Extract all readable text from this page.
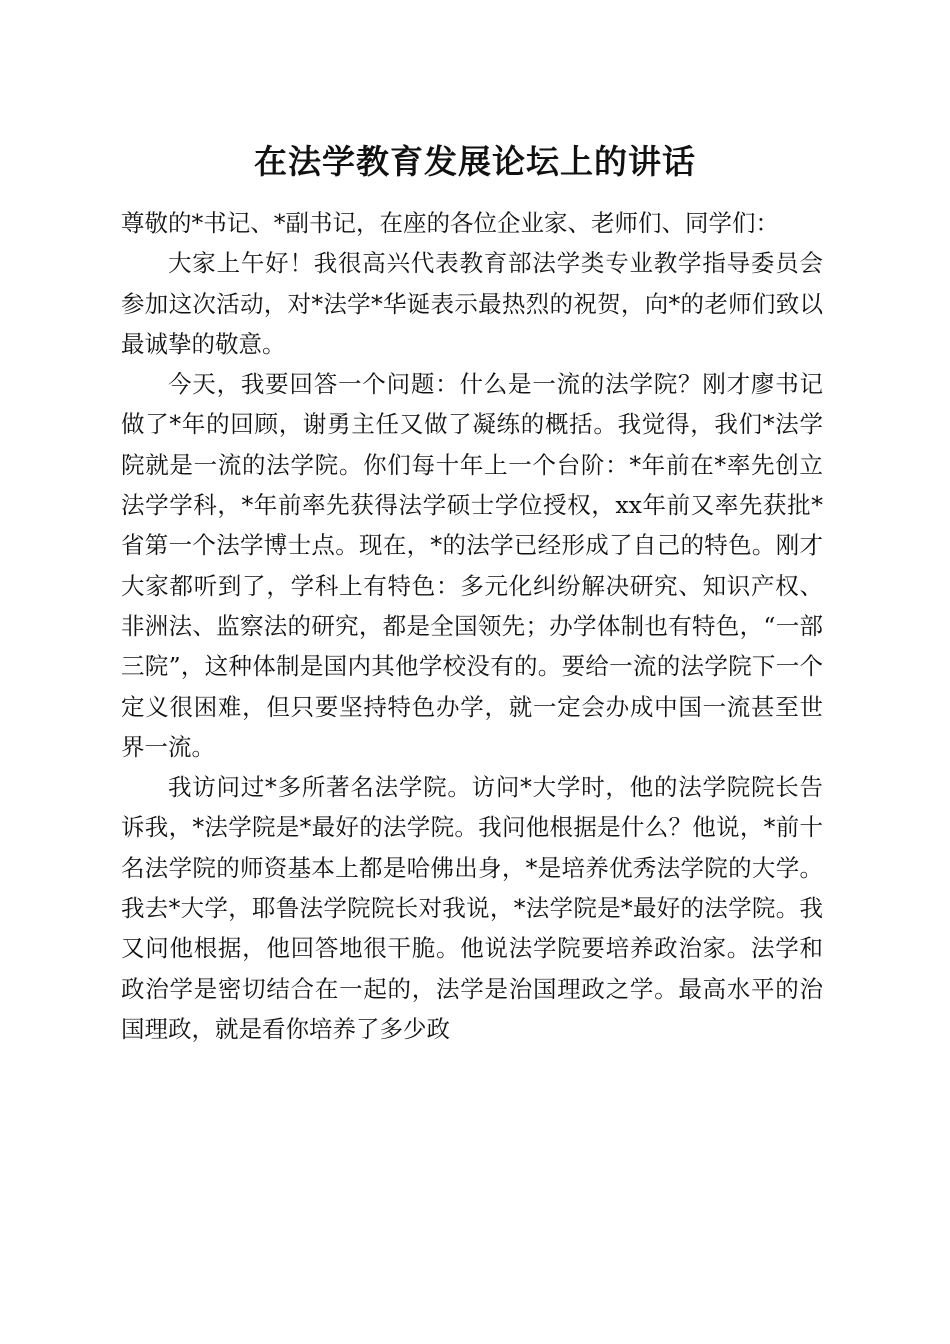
在法学教育发展论坛上的讲话

尊敬的*书记、*副书记，在座的各位企业家、老师们、同学们：

大家上午好！我很高兴代表教育部法学类专业教学指导委员会参加这次活动，对*法学*华诞表示最热烈的祝贺，向*的老师们致以最诚挚的敬意。

今天，我要回答一个问题：什么是一流的法学院？刚才廖书记做了*年的回顾，谢勇主任又做了凝练的概括。我觉得，我们*法学院就是一流的法学院。你们每十年上一个台阶：*年前在*率先创立法学学科，*年前率先获得法学硕士学位授权，xx年前又率先获批*省第一个法学博士点。现在，*的法学已经形成了自己的特色。刚才大家都听到了，学科上有特色：多元化纠纷解决研究、知识产权、非洲法、监察法的研究，都是全国领先；办学体制也有特色，“一部三院”，这种体制是国内其他学校没有的。要给一流的法学院下一个定义很困难，但只要坚持特色办学，就一定会办成中国一流甚至世界一流。

我访问过*多所著名法学院。访问*大学时，他的法学院院长告诉我，*法学院是*最好的法学院。我问他根据是什么？他说，*前十名法学院的师资基本上都是哈佛出身，*是培养优秀法学院的大学。我去*大学，耶鲁法学院院长对我说，*法学院是*最好的法学院。我又问他根据，他回答地很干脆。他说法学院要培养政治家。法学和政治学是密切结合在一起的，法学是治国理政之学。最高水平的治国理政，就是看你培养了多少政
